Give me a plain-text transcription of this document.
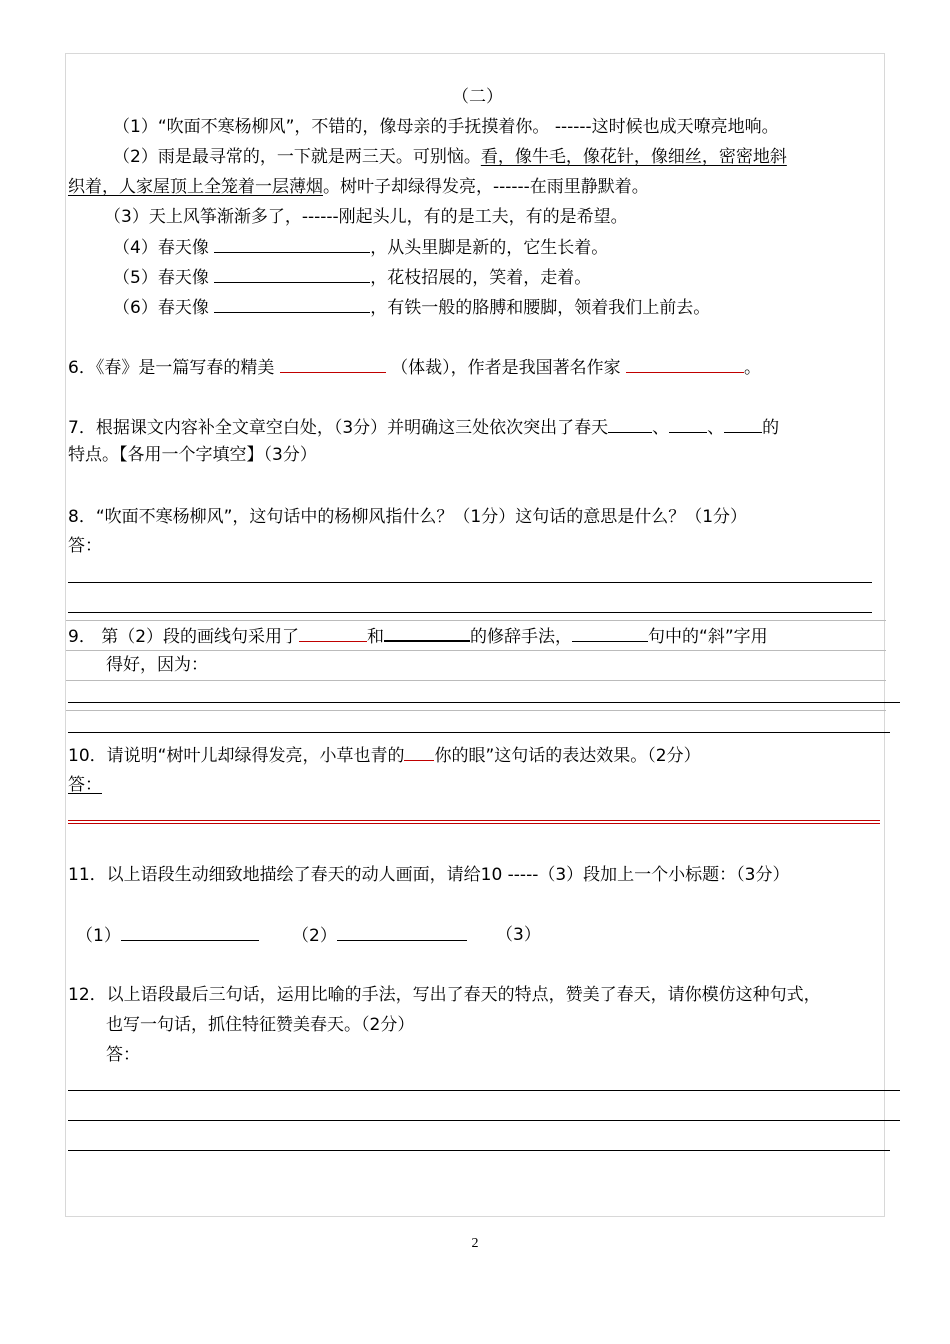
（二）
（1）“吹面不寒杨柳风”，不错的，像母亲的手抚摸着你。 ------这时候也成天嘹亮地响。
（2）雨是最寻常的，一下就是两三天。可别恼。看，像牛毛，像花针，像细丝，密密地斜
织着，人家屋顶上全笼着一层薄烟。树叶子却绿得发亮，------在雨里静默着。
（3）天上风筝渐渐多了，------刚起头儿，有的是工夫，有的是希望。
（4）春天像	，从头里脚是新的，它生长着。
（5）春天像	，花枝招展的，笑着，走着。
（6）春天像	，有铁一般的胳膊和腰脚，领着我们上前去。
6．《春》是一篇写春的精美	（体裁），作者是我国著名作家	。
7．根据课文内容补全文章空白处，（3分）并明确这三处依次突出了春天	、 、 的
特点。【各用一个字填空】（3分）
8．“吹面不寒杨柳风”，这句话中的杨柳风指什么？（1分）这句话的意思是什么？（1分）
答：
9． 第（2）段的画线句采用了	和	的修辞手法，	句中的“斜”字用
得好，因为：
10．请说明“树叶儿却绿得发亮，小草也青的 你的眼”这句话的表达效果。（2分）
答：
11．以上语段生动细致地描绘了春天的动人画面，请给10 -----（3）段加上一个小标题：（3分）
（1）	（2）	（3）
12．以上语段最后三句话，运用比喻的手法，写出了春天的特点，赞美了春天，请你模仿这种句式，
也写一句话，抓住特征赞美春天。（2分）
答：
2
